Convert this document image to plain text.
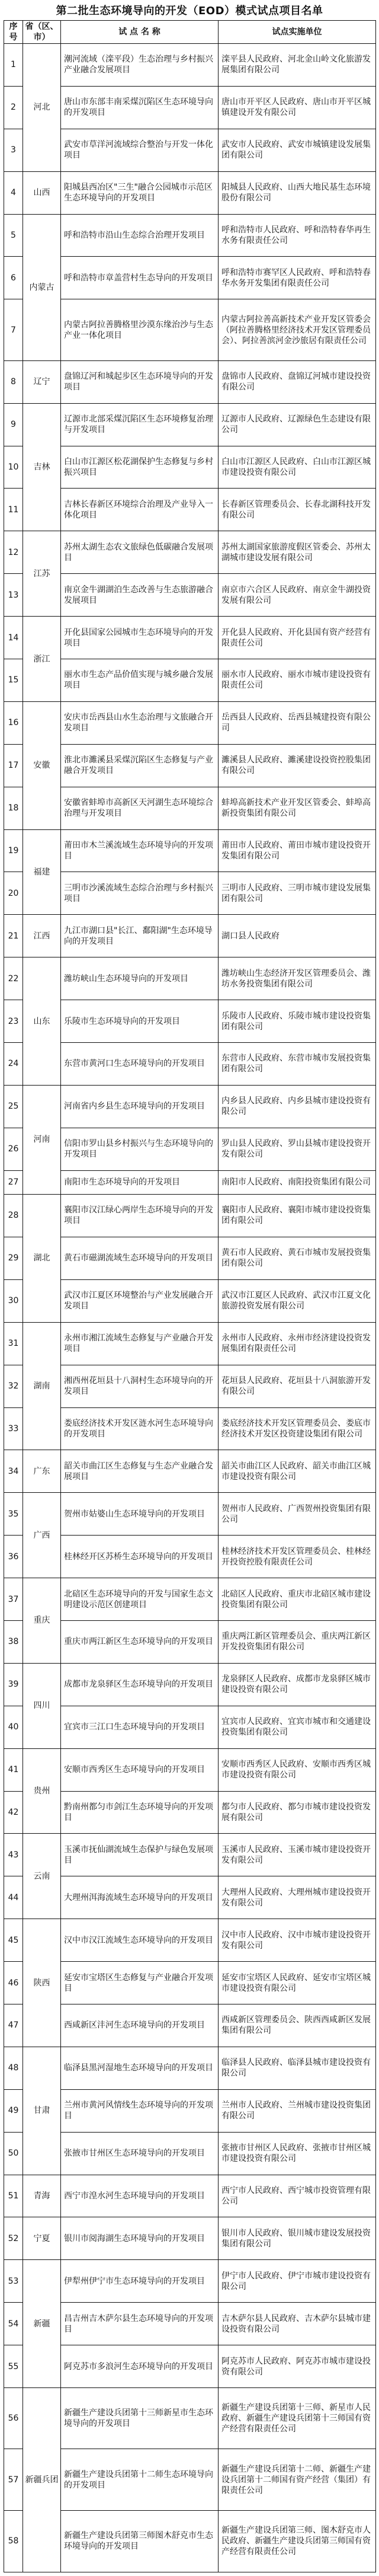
第二批生态环境导向的开发（EOD）模式试点项目名单
序号	省（区、市）	试 点 名 称	试点实施单位
1	河北	潮河流域（滦平段）生态治理与乡村振兴产业融合发展项目	滦平县人民政府、河北金山岭文化旅游发展集团有限公司
2		唐山市东部丰南采煤沉陷区生态环境导向的开发项目	唐山市开平区人民政府、唐山市开平区城镇建设开发有限公司
3		武安市草洋河流域综合整治与开发一体化项目	武安市人民政府、武安市城镇建设发展集团有限公司
4	山西	阳城县西冶区"三生"融合公园城市示范区生态环境导向的开发项目	阳城县人民政府、山西大地民基生态环境股份有限公司
5	内蒙古	呼和浩特市沿山生态综合治理开发项目	呼和浩特市人民政府、呼和浩特春华再生水务有限责任公司
6		呼和浩特市章盖营村生态导向的开发项目	呼和浩特市赛罕区人民政府、呼和浩特春华水务开发集团有限责任公司
7		内蒙古阿拉善腾格里沙漠东缘治沙与生态产业一体化项目	内蒙古阿拉善高新技术产业开发区管委会（阿拉善腾格里经济技术开发区管理委员会）、阿拉善滨河金沙旅居有限责任公司
8	辽宁	盘锦辽河和城起步区生态环境导向的开发项目	盘锦市人民政府、盘锦辽河城市建设投资有限公司
9	吉林	辽源市北部采煤沉陷区生态环境修复治理与开发项目	辽源市人民政府、辽源绿色生态建设有限公司
10		白山市江源区松花湖保护生态修复与乡村振兴项目	白山市江源区人民政府、白山市江源区城市建设投资有限公司
11		吉林长春新区环境综合治理及产业导入一体化项目	长春新区管理委员会、长春北湖科技开发有限公司
12	江苏	苏州太湖生态农文旅绿色低碳融合发展项目	苏州太湖国家旅游度假区管委会、苏州太湖城市建设发展有限公司
13		南京金牛湖湖泊生态改善与生态旅游融合发展项目	南京市六合区人民政府、南京金牛湖投资发展有限公司
14	浙江	开化县国家公园城市生态环境导向的开发项目	开化县人民政府、开化县国有资产经营有限责任公司
15		丽水市生态产品价值实现与城乡融合发展项目	丽水市人民政府、丽水市城市建设投资有限责任公司
16	安徽	安庆市岳西县山水生态治理与文旅融合开发项目	岳西县人民政府、岳西县城建投资有限公司
17		淮北市濉溪县采煤沉陷区生态修复与产业融合开发项目	濉溪县人民政府、濉溪建设投资控股集团有限公司
18		安徽省蚌埠市高新区天河湖生态环境综合治理与开发项目	蚌埠高新技术产业开发区管委会、蚌埠高新投资集团有限公司
19	福建	莆田市木兰溪流域生态环境导向的开发项目	莆田市人民政府、莆田市城市建设投资开发集团有限公司
20		三明市沙溪流域生态综合治理与乡村振兴项目	三明市人民政府、三明市城市建设发展集团有限公司
21	江西	九江市湖口县"长江、鄱阳湖"生态环境导向的开发项目	湖口县人民政府
22	山东	潍坊峡山生态环境导向的开发项目	潍坊峡山生态经济开发区管理委员会、潍坊水务投资集团有限公司
23		乐陵市生态环境导向的开发项目	乐陵市人民政府、乐陵市城市建设投资集团有限公司
24		东营市黄河口生态环境导向的开发项目	东营市人民政府、东营市城市发展投资集团有限公司
25	河南	河南省内乡县生态环境导向的开发项目	内乡县人民政府、内乡县城市建设投资有限公司
26		信阳市罗山县乡村振兴与生态环境导向的开发项目	罗山县人民政府、罗山县城市建设投资开发有限公司
27		南阳市生态环境导向的开发项目	南阳市人民政府、南阳投资集团有限公司
28	湖北	襄阳市汉江绿心两岸生态环境导向的开发项目	襄阳市人民政府、襄阳市城市建设投资集团有限公司
29		黄石市磁湖流域生态环境导向的开发项目	黄石市人民政府、黄石市城市发展投资集团有限公司
30		武汉市江夏区环境整治与产业发展融合开发项目	武汉市江夏区人民政府、武汉市江夏文化旅游投资发展有限公司
31	湖南	永州市湘江流域生态修复与产业融合开发项目	永州市人民政府、永州市经济建设投资发展集团有限责任公司
32		湘西州花垣县十八洞村生态环境导向的开发项目	花垣县人民政府、花垣县十八洞旅游开发有限公司
33		娄底经济技术开发区涟水河生态环境导向的开发项目	娄底经济技术开发区管理委员会、娄底市经济技术开发区投资建设集团有限公司
34	广东	韶关市曲江区生态修复与生态产业融合发展项目	韶关市曲江区人民政府、韶关市曲江区城市建设投资有限公司
35	广西	贺州市姑婆山生态环境导向的开发项目	贺州市人民政府、广西贺州投资集团有限公司
36		桂林经开区苏桥生态环境导向的开发项目	桂林经济技术开发区管理委员会、桂林经开投资控股有限责任公司
37	重庆	北碚区生态环境导向的开发与国家生态文明建设示范区创建项目	北碚区人民政府、重庆市北碚区城市建设投资集团有限公司
38		重庆市两江新区生态环境导向的开发项目	重庆两江新区管理委员会、重庆两江新区开发投资集团有限公司
39	四川	成都市龙泉驿区生态环境导向的开发项目	龙泉驿区人民政府、成都市龙泉驿区城市建设投资有限公司
40		宜宾市三江口生态环境导向的开发项目	宜宾市人民政府、宜宾市城市和交通建设投资集团有限公司
41	贵州	安顺市西秀区生态环境导向的开发项目	安顺市西秀区人民政府、安顺市西秀区城市建设投资有限公司
42		黔南州都匀市剑江生态环境导向的开发项目	都匀市人民政府、都匀市城市建设投资发展有限公司
43	云南	玉溪市抚仙湖流域生态保护与绿色发展项目	玉溪市人民政府、玉溪市城市建设投资开发有限公司
44		大理州洱海流域生态环境导向的开发项目	大理州人民政府、大理州城市建设投资开发有限公司
45	陕西	汉中市汉江流域生态环境导向的开发项目	汉中市人民政府、汉中市城市建设投资开发有限公司
46		延安市宝塔区生态修复与产业融合开发项目	延安市宝塔区人民政府、延安市宝塔区城市建设投资有限公司
47		西咸新区沣河生态环境导向的开发项目	西咸新区管理委员会、陕西西咸新区发展集团有限公司
48	甘肃	临泽县黑河湿地生态环境导向的开发项目	临泽县人民政府、临泽县城市建设投资有限公司
49		兰州市黄河风情线生态环境导向的开发项目	兰州市人民政府、兰州城市建设投资集团有限公司
50		张掖市甘州区生态环境导向的开发项目	张掖市甘州区人民政府、张掖市甘州区城市建设投资有限公司
51	青海	西宁市湟水河生态环境导向的开发项目	西宁市人民政府、西宁城市投资管理有限公司
52	宁夏	银川市阅海湖生态环境导向的开发项目	银川市人民政府、银川城市建设发展投资集团有限公司
53	新疆	伊犁州伊宁市生态环境导向的开发项目	伊宁市人民政府、伊宁市城市建设投资有限公司
54		昌吉州吉木萨尔县生态环境导向的开发项目	吉木萨尔县人民政府、吉木萨尔县城市建设投资有限公司
55		阿克苏市多浪河生态环境导向的开发项目	阿克苏市人民政府、阿克苏市城市建设投资有限公司
56	新疆兵团	新疆生产建设兵团第十三师新星市生态环境导向的开发项目	新疆生产建设兵团第十三师、新星市人民政府、新疆生产建设兵团第十三师国有资产经营有限责任公司
57		新疆生产建设兵团第十二师生态环境导向的开发项目	新疆生产建设兵团第十二师、新疆生产建设兵团第十二师国有资产经营（集团）有限责任公司
58		新疆生产建设兵团第三师图木舒克市生态环境导向的开发项目	新疆生产建设兵团第三师、图木舒克市人民政府、新疆生产建设兵团第三师国有资产经营有限责任公司
